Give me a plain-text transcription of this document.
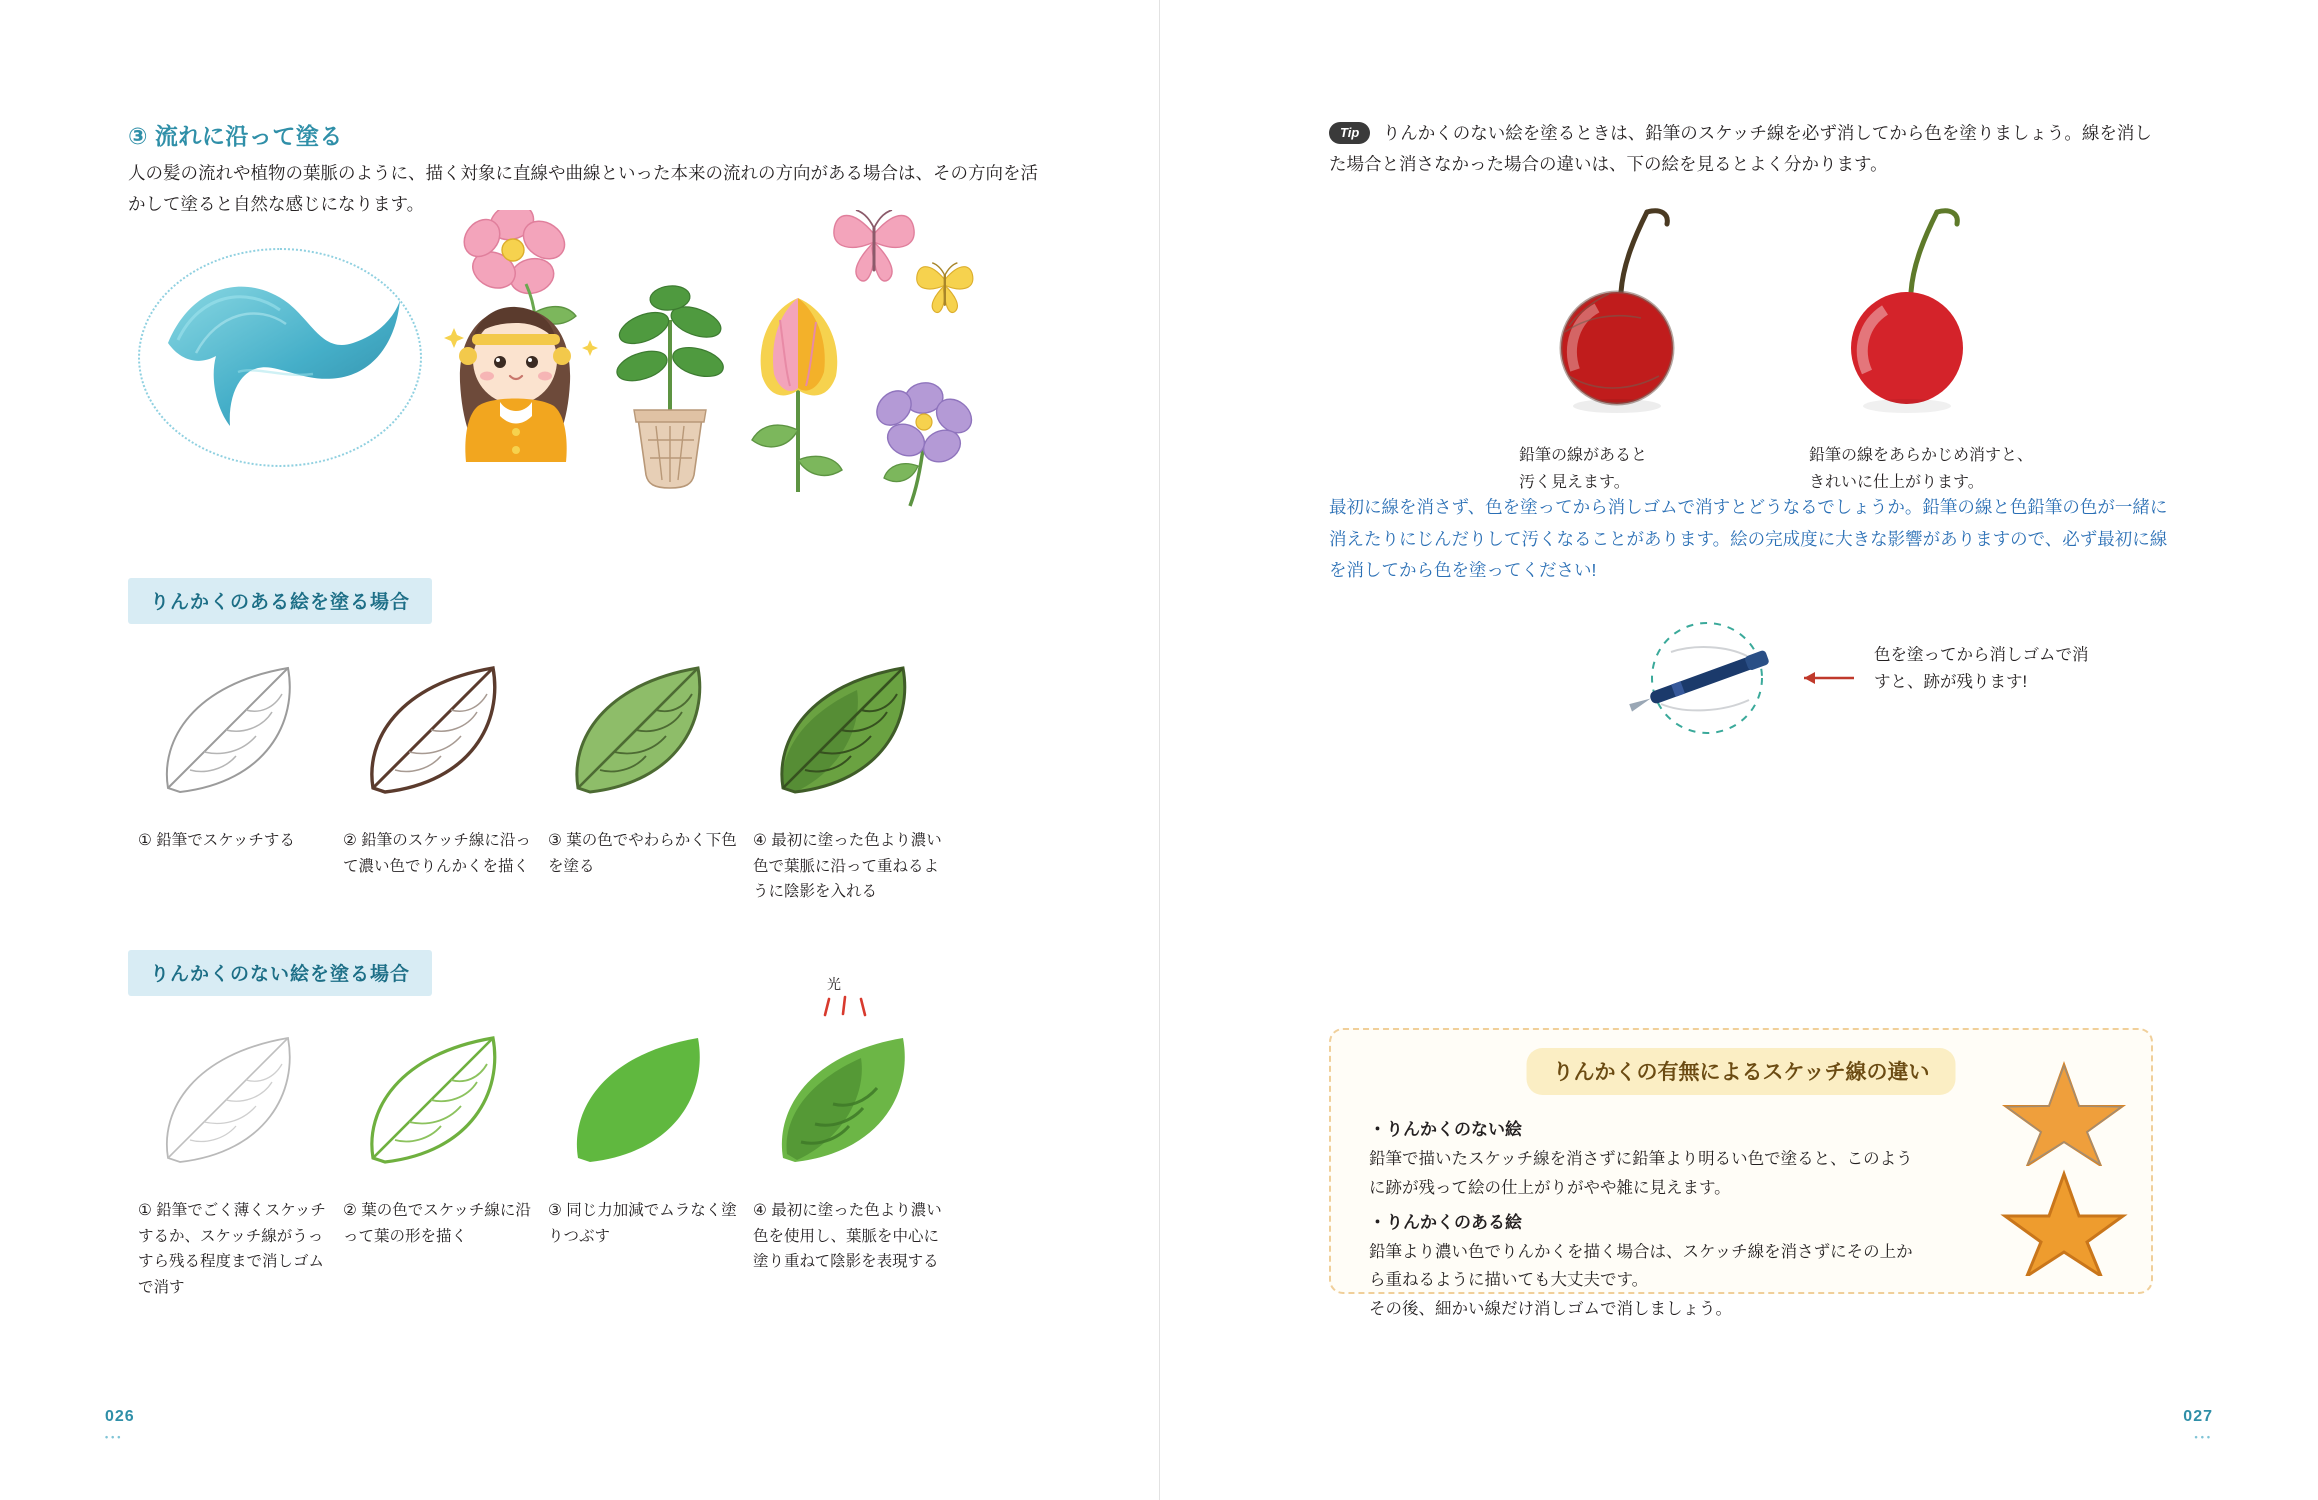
③ 流れに沿って塗る
人の髪の流れや植物の葉脈のように、描く対象に直線や曲線といった本来の流れの方向がある場合は、その方向を活かして塗ると自然な感じになります。
りんかくのある絵を塗る場合
① 鉛筆でスケッチする	② 鉛筆のスケッチ線に沿って濃い色でりんかくを描く
③ 葉の色でやわらかく下色を塗る
④ 最初に塗った色より濃い色で葉脈に沿って重ねるように陰影を入れる
りんかくのない絵を塗る場合
① 鉛筆でごく薄くスケッチするか、スケッチ線がうっすら残る程度まで消しゴムで消す
② 葉の色でスケッチ線に沿って葉の形を描く
③ 同じ力加減でムラなく塗りつぶす
光
④ 最初に塗った色より濃い色を使用し、葉脈を中心に塗り重ねて陰影を表現する
026
•••
Tip りんかくのない絵を塗るときは、鉛筆のスケッチ線を必ず消してから色を塗りましょう。線を消した場合と消さなかった場合の違いは、下の絵を見るとよく分かります。
鉛筆の線があると
汚く見えます。
鉛筆の線をあらかじめ消すと、
きれいに仕上がります。
最初に線を消さず、色を塗ってから消しゴムで消すとどうなるでしょうか。鉛筆の線と色鉛筆の色が一緒に消えたりにじんだりして汚くなることがあります。絵の完成度に大きな影響がありますので、必ず最初に線を消してから色を塗ってください!
色を塗ってから消しゴムで消
すと、跡が残ります!
りんかくの有無によるスケッチ線の違い
・りんかくのない絵
鉛筆で描いたスケッチ線を消さずに鉛筆より明るい色で塗ると、このように跡が残って絵の仕上がりがやや雑に見えます。
・りんかくのある絵
鉛筆より濃い色でりんかくを描く場合は、スケッチ線を消さずにその上から重ねるように描いても大丈夫です。
その後、細かい線だけ消しゴムで消しましょう。
027
•••
